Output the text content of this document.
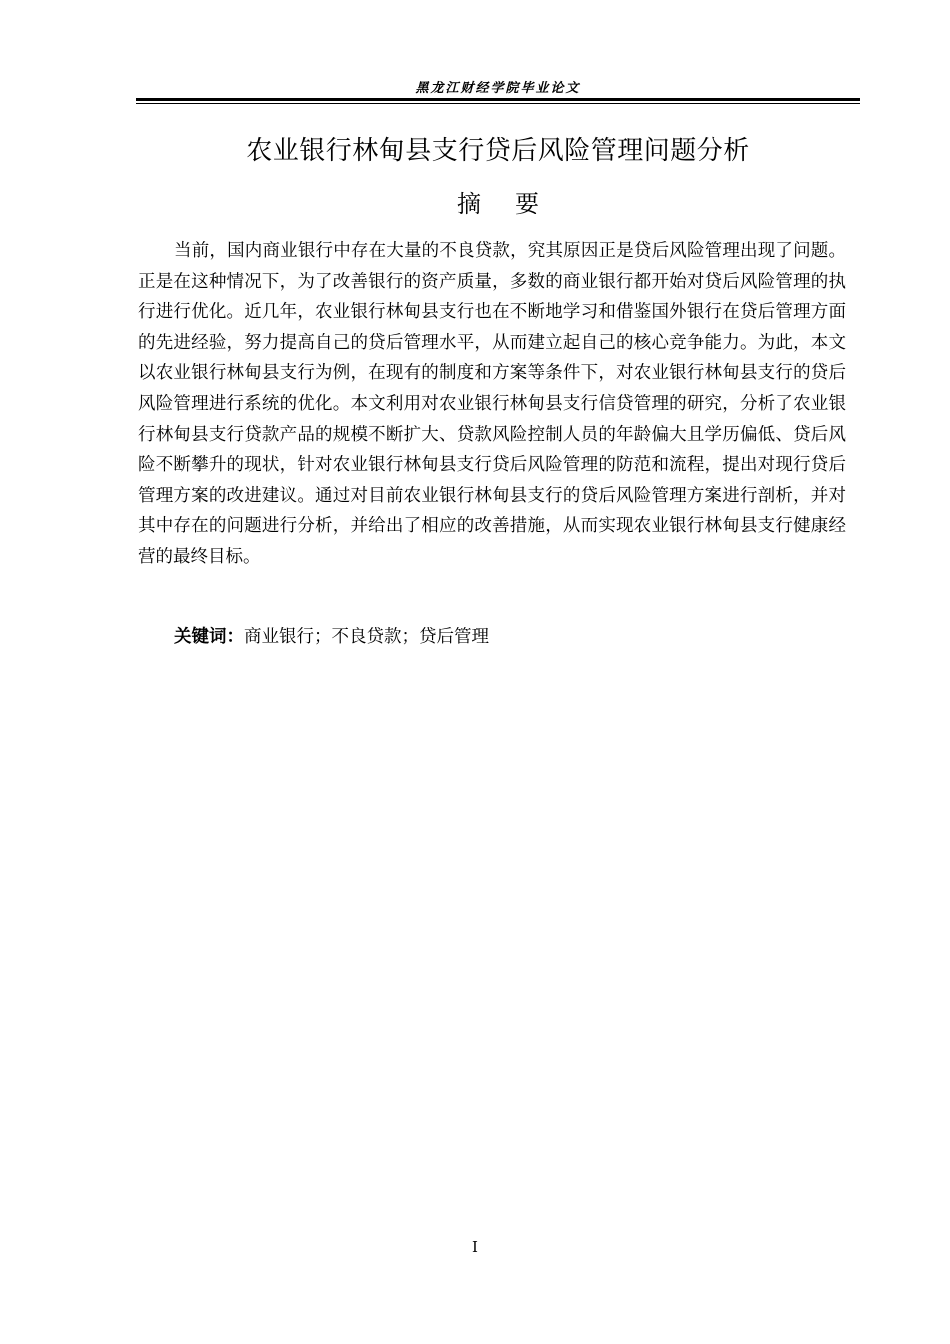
黑龙江财经学院毕业论文
农业银行林甸县支行贷后风险管理问题分析
摘要
当前，国内商业银行中存在大量的不良贷款，究其原因正是贷后风险管理出现了问题。正是在这种情况下，为了改善银行的资产质量，多数的商业银行都开始对贷后风险管理的执行进行优化。近几年，农业银行林甸县支行也在不断地学习和借鉴国外银行在贷后管理方面的先进经验，努力提高自己的贷后管理水平，从而建立起自己的核心竞争能力。为此，本文以农业银行林甸县支行为例，在现有的制度和方案等条件下，对农业银行林甸县支行的贷后风险管理进行系统的优化。本文利用对农业银行林甸县支行信贷管理的研究，分析了农业银行林甸县支行贷款产品的规模不断扩大、贷款风险控制人员的年龄偏大且学历偏低、贷后风险不断攀升的现状，针对农业银行林甸县支行贷后风险管理的防范和流程，提出对现行贷后管理方案的改进建议。通过对目前农业银行林甸县支行的贷后风险管理方案进行剖析，并对其中存在的问题进行分析，并给出了相应的改善措施，从而实现农业银行林甸县支行健康经营的最终目标。
关键词：商业银行；不良贷款；贷后管理
I
